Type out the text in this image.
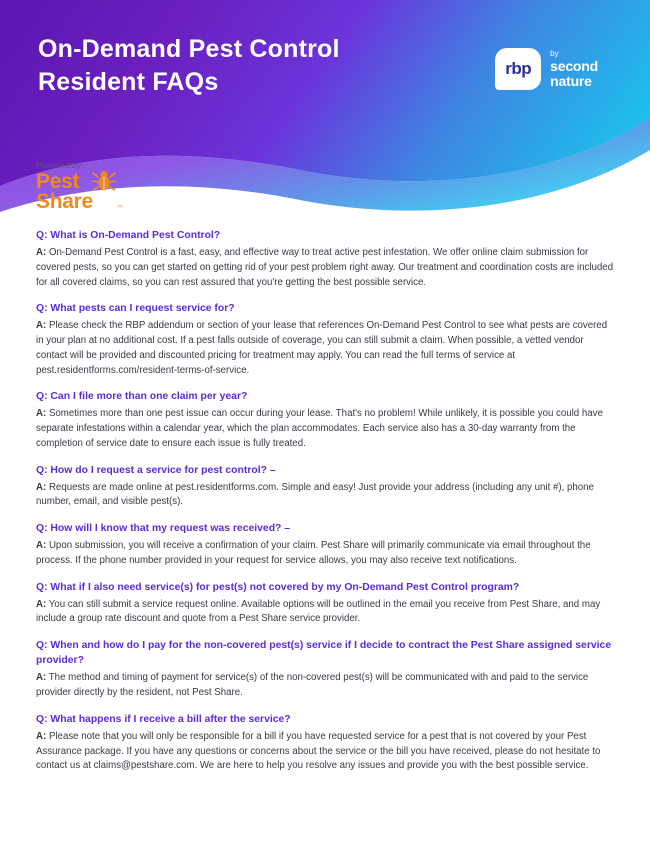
On-Demand Pest Control
Resident FAQs	rbp
by
second
nature
Powered by
Pest
Share	™
Q: What is On-Demand Pest Control?
A: On-Demand Pest Control is a fast, easy, and effective way to treat active pest infestation. We offer online claim submission for covered pests, so you can get started on getting rid of your pest problem right away. Our treatment and coordination costs are included for all covered claims, so you can rest assured that you're getting the best possible service.
Q: What pests can I request service for?
A: Please check the RBP addendum or section of your lease that references On-Demand Pest Control to see what pests are covered in your plan at no additional cost. If a pest falls outside of coverage, you can still submit a claim. When possible, a vetted vendor contact will be provided and discounted pricing for treatment may apply. You can read the full terms of service at pest.residentforms.com/resident-terms-of-service.
Q: Can I file more than one claim per year?
A: Sometimes more than one pest issue can occur during your lease. That's no problem! While unlikely, it is possible you could have separate infestations within a calendar year, which the plan accommodates. Each service also has a 30-day warranty from the completion of service date to ensure each issue is fully treated.
Q: How do I request a service for pest control? –
A: Requests are made online at pest.residentforms.com. Simple and easy! Just provide your address (including any unit #), phone number, email, and visible pest(s).
Q: How will I know that my request was received? –
A: Upon submission, you will receive a confirmation of your claim. Pest Share will primarily communicate via email throughout the process. If the phone number provided in your request for service allows, you may also receive text notifications.
Q: What if I also need service(s) for pest(s) not covered by my On-Demand Pest Control program?
A: You can still submit a service request online. Available options will be outlined in the email you receive from Pest Share, and may include a group rate discount and quote from a Pest Share service provider.
Q: When and how do I pay for the non-covered pest(s) service if I decide to contract the Pest Share assigned service provider?
A: The method and timing of payment for service(s) of the non-covered pest(s) will be communicated with and paid to the service provider directly by the resident, not Pest Share.
Q: What happens if I receive a bill after the service?
A: Please note that you will only be responsible for a bill if you have requested service for a pest that is not covered by your Pest Assurance package. If you have any questions or concerns about the service or the bill you have received, please do not hesitate to contact us at claims@pestshare.com. We are here to help you resolve any issues and provide you with the best possible service.
